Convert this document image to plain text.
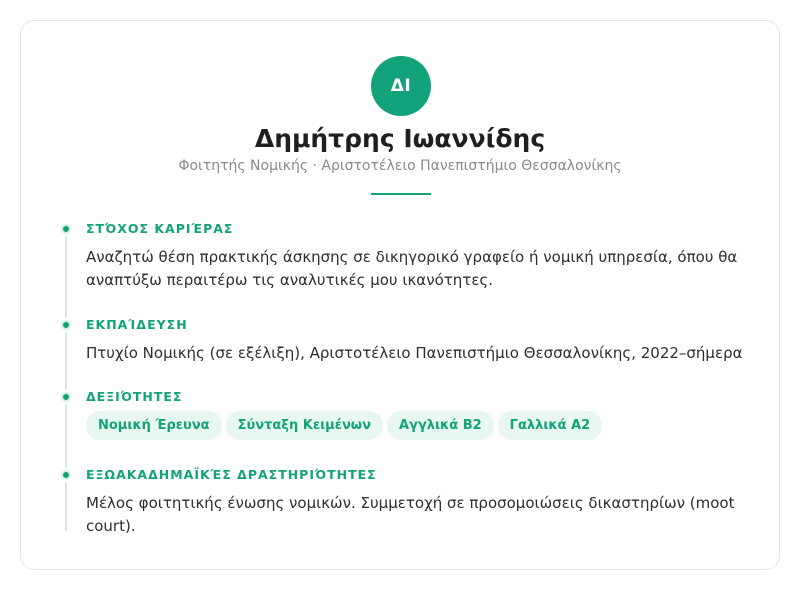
ΔΙ
Δημήτρης Ιωαννίδης
Φοιτητής Νομικής · Αριστοτέλειο Πανεπιστήμιο Θεσσαλονίκης
ΣΤΌΧΟΣ ΚΑΡΙΈΡΑΣ
Αναζητώ θέση πρακτικής άσκησης σε δικηγορικό γραφείο ή νομική υπηρεσία, όπου θα αναπτύξω περαιτέρω τις αναλυτικές μου ικανότητες.
ΕΚΠΑΊΔΕΥΣΗ
Πτυχίο Νομικής (σε εξέλιξη), Αριστοτέλειο Πανεπιστήμιο Θεσσαλονίκης, 2022–σήμερα
ΔΕΞΙΌΤΗΤΕΣ
Νομική Έρευνα	Σύνταξη Κειμένων	Αγγλικά B2	Γαλλικά A2
ΕΞΩΑΚΑΔΗΜΑΪΚΈΣ ΔΡΑΣΤΗΡΙΌΤΗΤΕΣ
Μέλος φοιτητικής ένωσης νομικών. Συμμετοχή σε προσομοιώσεις δικαστηρίων (moot court).
